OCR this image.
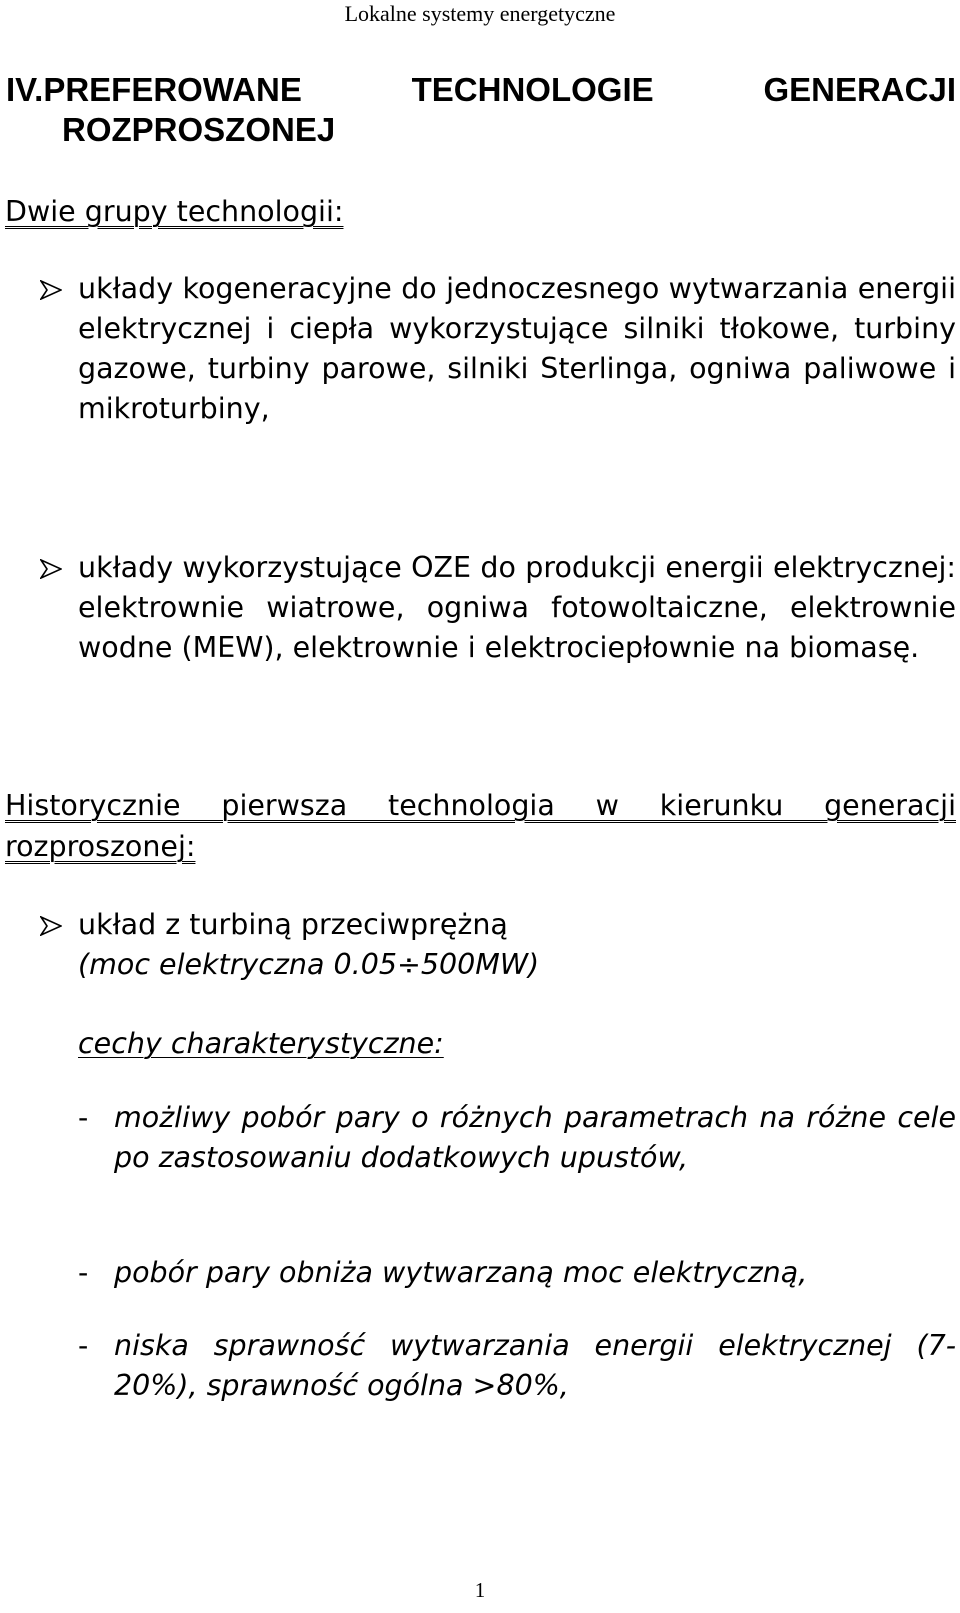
Lokalne systemy energetyczne
IV.PREFEROWANE	TECHNOLOGIE	GENERACJI
ROZPROSZONEJ
Dwie grupy technologii:
układy kogeneracyjne do jednoczesnego wytwarzania energii elektrycznej i ciepła wykorzystujące silniki tłokowe, turbiny gazowe, turbiny parowe, silniki Sterlinga, ogniwa paliwowe i mikroturbiny,
układy wykorzystujące OZE do produkcji energii elektrycznej: elektrownie wiatrowe, ogniwa fotowoltaiczne, elektrownie wodne (MEW), elektrownie i elektrociepłownie na biomasę.
Historycznie pierwsza technologia w kierunku generacji rozproszonej:
układ z turbiną przeciwprężną
(moc elektryczna 0.05÷500MW)
cechy charakterystyczne:
- możliwy pobór pary o różnych parametrach na różne cele po zastosowaniu dodatkowych upustów,
- pobór pary obniża wytwarzaną moc elektryczną,
- niska sprawność wytwarzania energii elektrycznej (7-20%), sprawność ogólna >80%,
1
